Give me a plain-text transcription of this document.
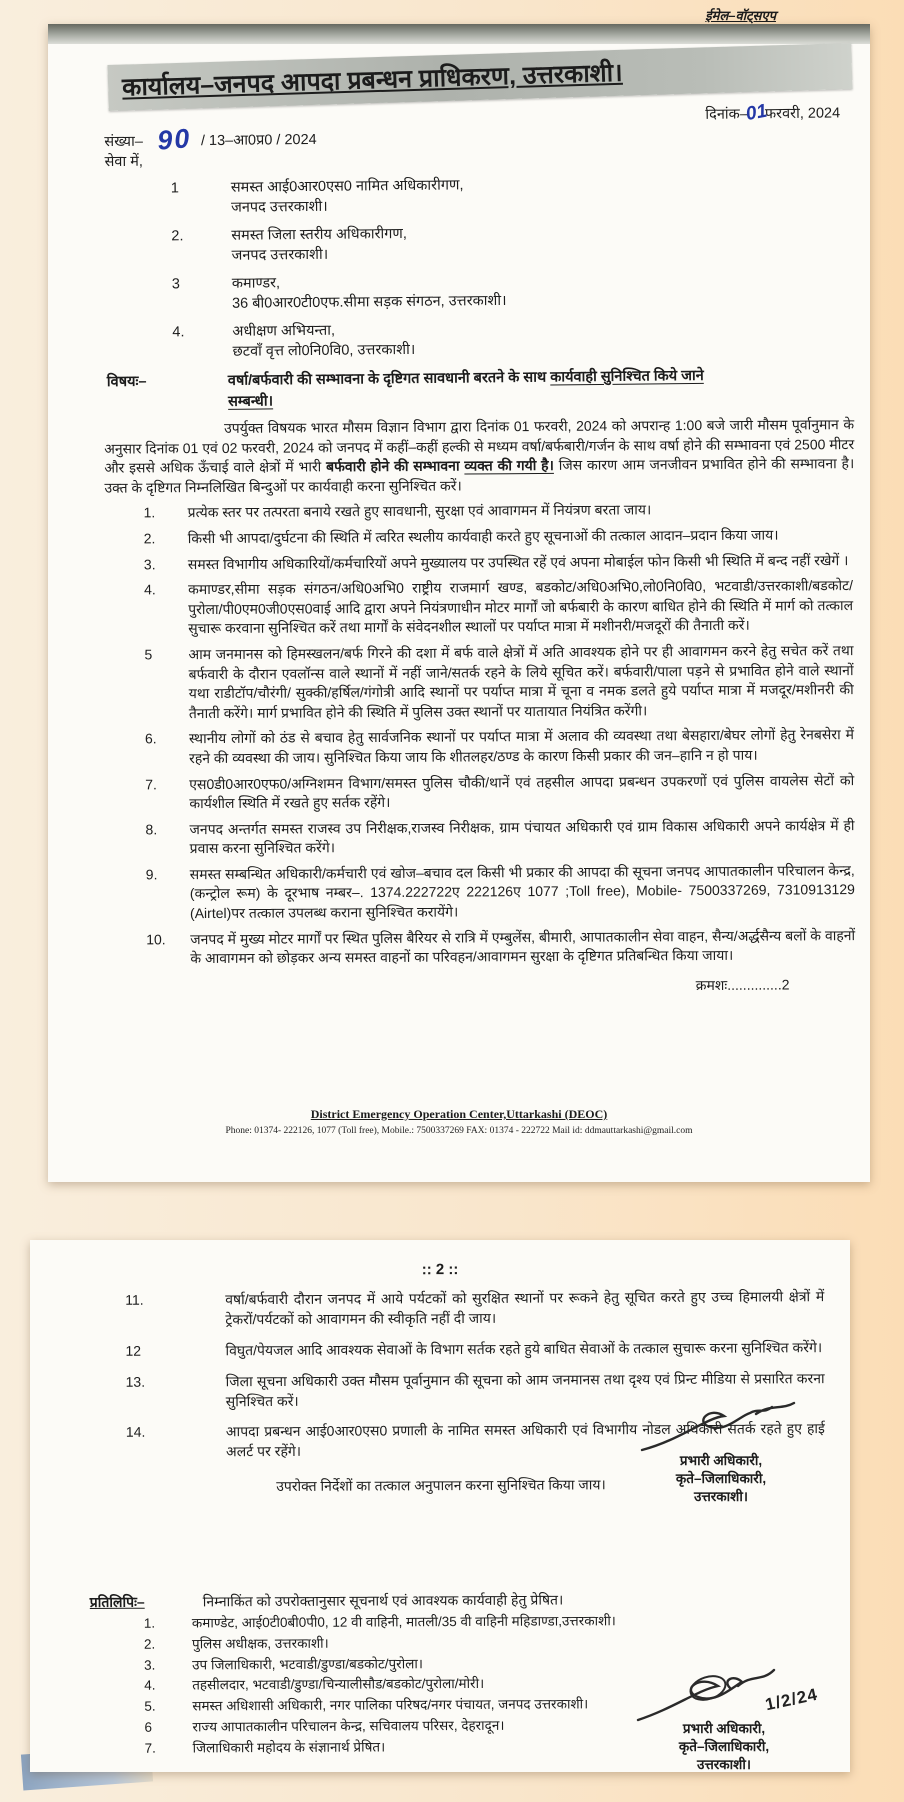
ईमेल–वॉट्सएप
कार्यालय–जनपद आपदा प्रबन्धन प्राधिकरण, उत्तरकाशी।
दिनांक–01फरवरी, 2024
संख्या– 90 / 13–आ0प्र0 / 2024
सेवा में,
1	समस्त आई0आर0एस0 नामित अधिकारीगण,
जनपद उत्तरकाशी।
2.	समस्त जिला स्तरीय अधिकारीगण,
जनपद उत्तरकाशी।
3	कमाण्डर,
36 बी0आर0टी0एफ.सीमा सड़क संगठन, उत्तरकाशी।
4.	अधीक्षण अभियन्ता,
छटवाँ वृत्त लो0नि0वि0, उत्तरकाशी।
विषयः–	वर्षा/बर्फवारी की सम्भावना के दृष्टिगत सावधानी बरतने के साथ कार्यवाही सुनिश्चित किये जाने
सम्बन्धी।

उपर्युक्त विषयक भारत मौसम विज्ञान विभाग द्वारा दिनांक 01 फरवरी, 2024 को अपरान्ह 1:00 बजे जारी मौसम पूर्वानुमान के अनुसार दिनांक 01 एवं 02 फरवरी, 2024 को जनपद में कहीं–कहीं हल्की से मध्यम वर्षा/बर्फबारी/गर्जन के साथ वर्षा होने की सम्भावना एवं 2500 मीटर और इससे अधिक ऊँचाई वाले क्षेत्रों में भारी बर्फवारी होने की सम्भावना व्यक्त की गयी है। जिस कारण आम जनजीवन प्रभावित होने की सम्भावना है। उक्त के दृष्टिगत निम्नलिखित बिन्दुओं पर कार्यवाही करना सुनिश्चित करें।

1.	प्रत्येक स्तर पर तत्परता बनाये रखते हुए सावधानी, सुरक्षा एवं आवागमन में नियंत्रण बरता जाय।
2.	किसी भी आपदा/दुर्घटना की स्थिति में त्वरित स्थलीय कार्यवाही करते हुए सूचनाओं की तत्काल आदान–प्रदान किया जाय।
3.	समस्त विभागीय अधिकारियों/कर्मचारियों अपने मुख्यालय पर उपस्थित रहें एवं अपना मोबाईल फोन किसी भी स्थिति में बन्द नहीं रखेगें ।
4.	कमाण्डर,सीमा सड़क संगठन/अधि0अभि0 राष्ट्रीय राजमार्ग खण्ड, बडकोट/अधि0अभि0,लो0नि0वि0, भटवाडी/उत्तरकाशी/बडकोट/पुरोला/पी0एम0जी0एस0वाई आदि द्वारा अपने नियंत्रणाधीन मोटर मार्गों जो बर्फबारी के कारण बाधित होने की स्थिति में मार्ग को तत्काल सुचारू करवाना सुनिश्चित करें तथा मार्गों के संवेदनशील स्थालों पर पर्याप्त मात्रा में मशीनरी/मजदूरों की तैनाती करें।
5	आम जनमानस को हिमस्खलन/बर्फ गिरने की दशा में बर्फ वाले क्षेत्रों में अति आवश्यक होने पर ही आवागमन करने हेतु सचेत करें तथा बर्फवारी के दौरान एवलॉन्स वाले स्थानों में नहीं जाने/सतर्क रहने के लिये सूचित करें। बर्फवारी/पाला पड़ने से प्रभावित होने वाले स्थानों यथा राडीटॉप/चौरंगी/ सुक्की/हर्षिल/गंगोत्री आदि स्थानों पर पर्याप्त मात्रा में चूना व नमक डलते हुये पर्याप्त मात्रा में मजदूर/मशीनरी की तैनाती करेंगे। मार्ग प्रभावित होने की स्थिति में पुलिस उक्त स्थानों पर यातायात नियंत्रित करेंगी।
6.	स्थानीय लोगों को ठंड से बचाव हेतु सार्वजनिक स्थानों पर पर्याप्त मात्रा में अलाव की व्यवस्था तथा बेसहारा/बेघर लोगों हेतु रेनबसेरा में रहने की व्यवस्था की जाय। सुनिश्चित किया जाय कि शीतलहर/ठण्ड के कारण किसी प्रकार की जन–हानि न हो पाय।
7.	एस0डी0आर0एफ0/अग्निशमन विभाग/समस्त पुलिस चौकी/थानें एवं तहसील आपदा प्रबन्धन उपकरणों एवं पुलिस वायलेस सेटों को कार्यशील स्थिति में रखते हुए सर्तक रहेंगे।
8.	जनपद अन्तर्गत समस्त राजस्व उप निरीक्षक,राजस्व निरीक्षक, ग्राम पंचायत अधिकारी एवं ग्राम विकास अधिकारी अपने कार्यक्षेत्र में ही प्रवास करना सुनिश्चित करेंगे।
9.	समस्त सम्बन्धित अधिकारी/कर्मचारी एवं खोज–बचाव दल किसी भी प्रकार की आपदा की सूचना जनपद आपातकालीन परिचालन केन्द्र, (कन्ट्रोल रूम) के दूरभाष नम्बर–. 1374.222722ए 222126ए 1077 ;Toll free), Mobile- 7500337269, 7310913129 (Airtel)पर तत्काल उपलब्ध कराना सुनिश्चित करायेंगे।
10.	जनपद में मुख्य मोटर मार्गों पर स्थित पुलिस बैरियर से रात्रि में एम्बुलेंस, बीमारी, आपातकालीन सेवा वाहन, सैन्य/अर्द्धसैन्य बलों के वाहनों के आवागमन को छोड़कर अन्य समस्त वाहनों का परिवहन/आवागमन सुरक्षा के दृष्टिगत प्रतिबन्धित किया जाया।
क्रमशः..............2
District Emergency Operation Center,Uttarkashi (DEOC)
Phone: 01374- 222126, 1077 (Toll free), Mobile.: 7500337269 FAX: 01374 - 222722 Mail id: ddmauttarkashi@gmail.com
:: 2 ::
11.	वर्षा/बर्फवारी दौरान जनपद में आये पर्यटकों को सुरक्षित स्थानों पर रूकने हेतु सूचित करते हुए उच्च हिमालयी क्षेत्रों में ट्रेकरों/पर्यटकों को आवागमन की स्वीकृति नहीं दी जाय।
12	विघुत/पेयजल आदि आवश्यक सेवाओं के विभाग सर्तक रहते हुये बाधित सेवाओं के तत्काल सुचारू करना सुनिश्चित करेंगे।
13.	जिला सूचना अधिकारी उक्त मौसम पूर्वानुमान की सूचना को आम जनमानस तथा दृश्य एवं प्रिन्ट मीडिया से प्रसारित करना सुनिश्चित करें।
14.	आपदा प्रबन्धन आई0आर0एस0 प्रणाली के नामित समस्त अधिकारी एवं विभागीय नोडल अधिकारी सतर्क रहते हुए हाई अलर्ट पर रहेंगे।
उपरोक्त निर्देशों का तत्काल अनुपालन करना सुनिश्चित किया जाय।
प्रतिलिपिः–	निम्नाकिंत को उपरोक्तानुसार सूचनार्थ एवं आवश्यक कार्यवाही हेतु प्रेषित।
1.	कमाण्डेट, आई0टी0बी0पी0, 12 वी वाहिनी, मातली/35 वी वाहिनी महिडाण्डा,उत्तरकाशी।
2.	पुलिस अधीक्षक, उत्तरकाशी।
3.	उप जिलाधिकारी, भटवाडी/डुण्डा/बडकोट/पुरोला।
4.	तहसीलदार, भटवाडी/डुण्डा/चिन्यालीसौड/बडकोट/पुरोला/मोरी।
5.	समस्त अधिशासी अधिकारी, नगर पालिका परिषद/नगर पंचायत, जनपद उत्तरकाशी।
6	राज्य आपातकालीन परिचालन केन्द्र, सचिवालय परिसर, देहरादून।
7.	जिलाधिकारी महोदय के संज्ञानार्थ प्रेषित।
प्रभारी अधिकारी,
कृते–जिलाधिकारी,
उत्तरकाशी।
1/2/24
प्रभारी अधिकारी,
कृते–जिलाधिकारी,
उत्तरकाशी।
